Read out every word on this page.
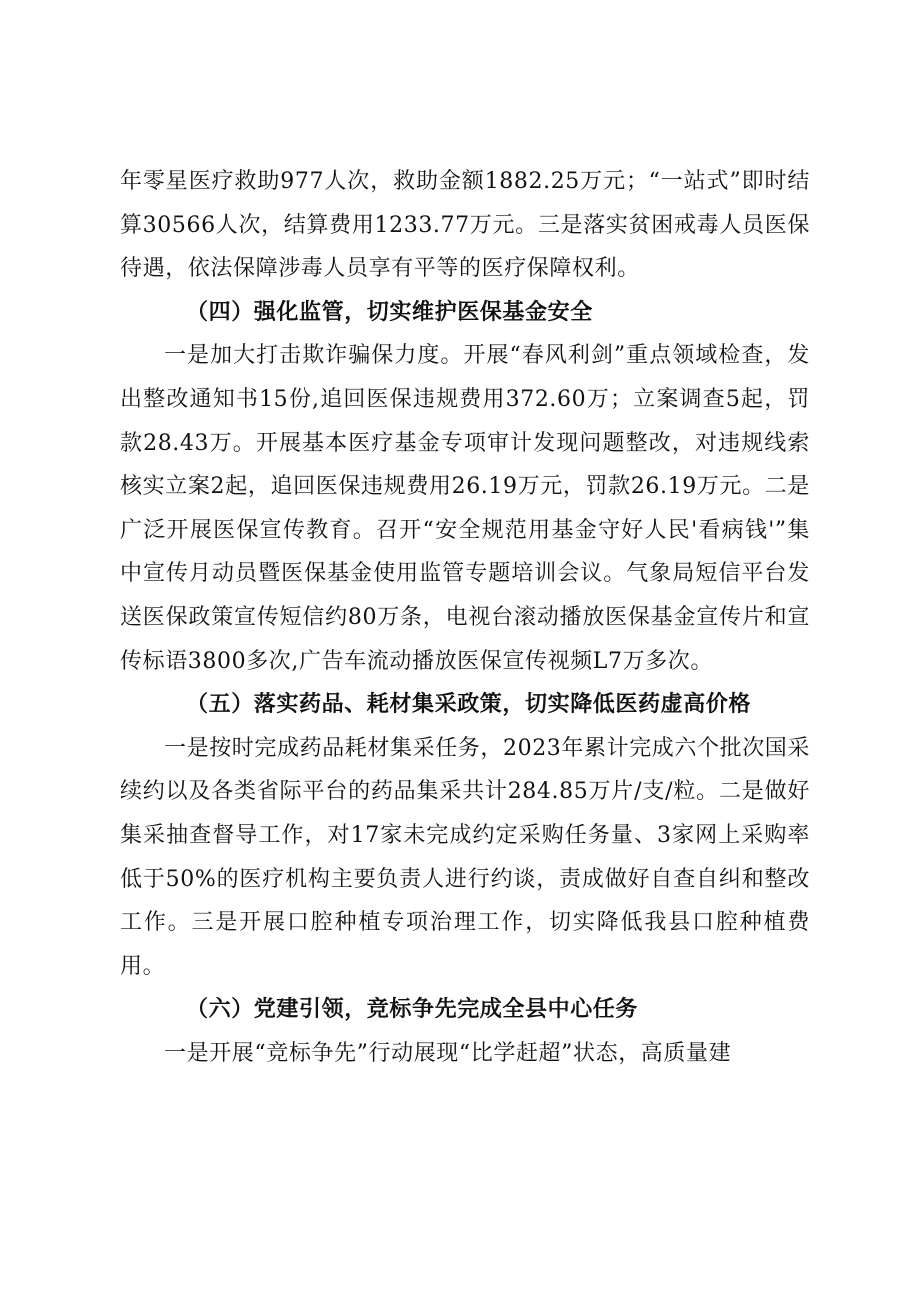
年零星医疗救助977人次，救助金额1882.25万元；“一站式”即时结算30566人次，结算费用1233.77万元。三是落实贫困戒毒人员医保待遇，依法保障涉毒人员享有平等的医疗保障权利。

（四）强化监管，切实维护医保基金安全

一是加大打击欺诈骗保力度。开展“春风利剑”重点领域检查，发出整改通知书15份,追回医保违规费用372.60万；立案调查5起，罚款28.43万。开展基本医疗基金专项审计发现问题整改，对违规线索核实立案2起，追回医保违规费用26.19万元，罚款26.19万元。二是广泛开展医保宣传教育。召开“安全规范用基金守好人民'看病钱'”集中宣传月动员暨医保基金使用监管专题培训会议。气象局短信平台发送医保政策宣传短信约80万条，电视台滚动播放医保基金宣传片和宣传标语3800多次,广告车流动播放医保宣传视频L7万多次。

（五）落实药品、耗材集采政策，切实降低医药虚高价格

一是按时完成药品耗材集采任务，2023年累计完成六个批次国采续约以及各类省际平台的药品集采共计284.85万片/支/粒。二是做好集采抽查督导工作，对17家未完成约定采购任务量、3家网上采购率低于50%的医疗机构主要负责人进行约谈，责成做好自查自纠和整改工作。三是开展口腔种植专项治理工作，切实降低我县口腔种植费用。

（六）党建引领，竞标争先完成全县中心任务

一是开展“竞标争先”行动展现“比学赶超”状态，高质量建
